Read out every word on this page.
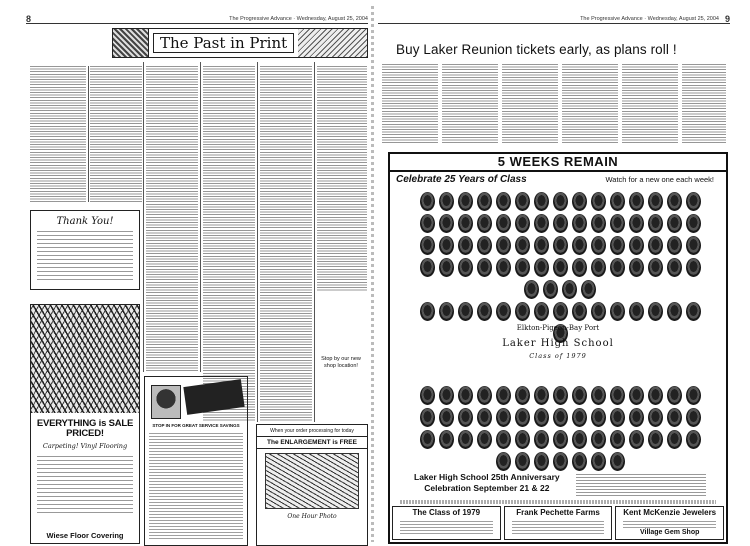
8	The Progressive Advance · Wednesday, August 25, 2004
The Past in Print
Thank You!
EVERYTHING is SALE PRICED!
Carpeting! Vinyl Flooring
Wiese Floor Covering
STOP IN FOR GREAT SERVICE SAVINGS
Stop by our new shop location!
When your order processing for today
The ENLARGEMENT is FREE
One Hour Photo
The Progressive Advance · Wednesday, August 25, 2004 9
Buy Laker Reunion tickets early, as plans roll !
5 WEEKS REMAIN
Celebrate 25 Years of Class	Watch for a new one each week!
Elkton-Pigeon-Bay Port
Laker High School
Class of 1979
Laker High School 25th Anniversary
Celebration September 21 & 22
The Class of 1979	Frank Pechette Farms	Kent McKenzie Jewelers
Village Gem Shop
